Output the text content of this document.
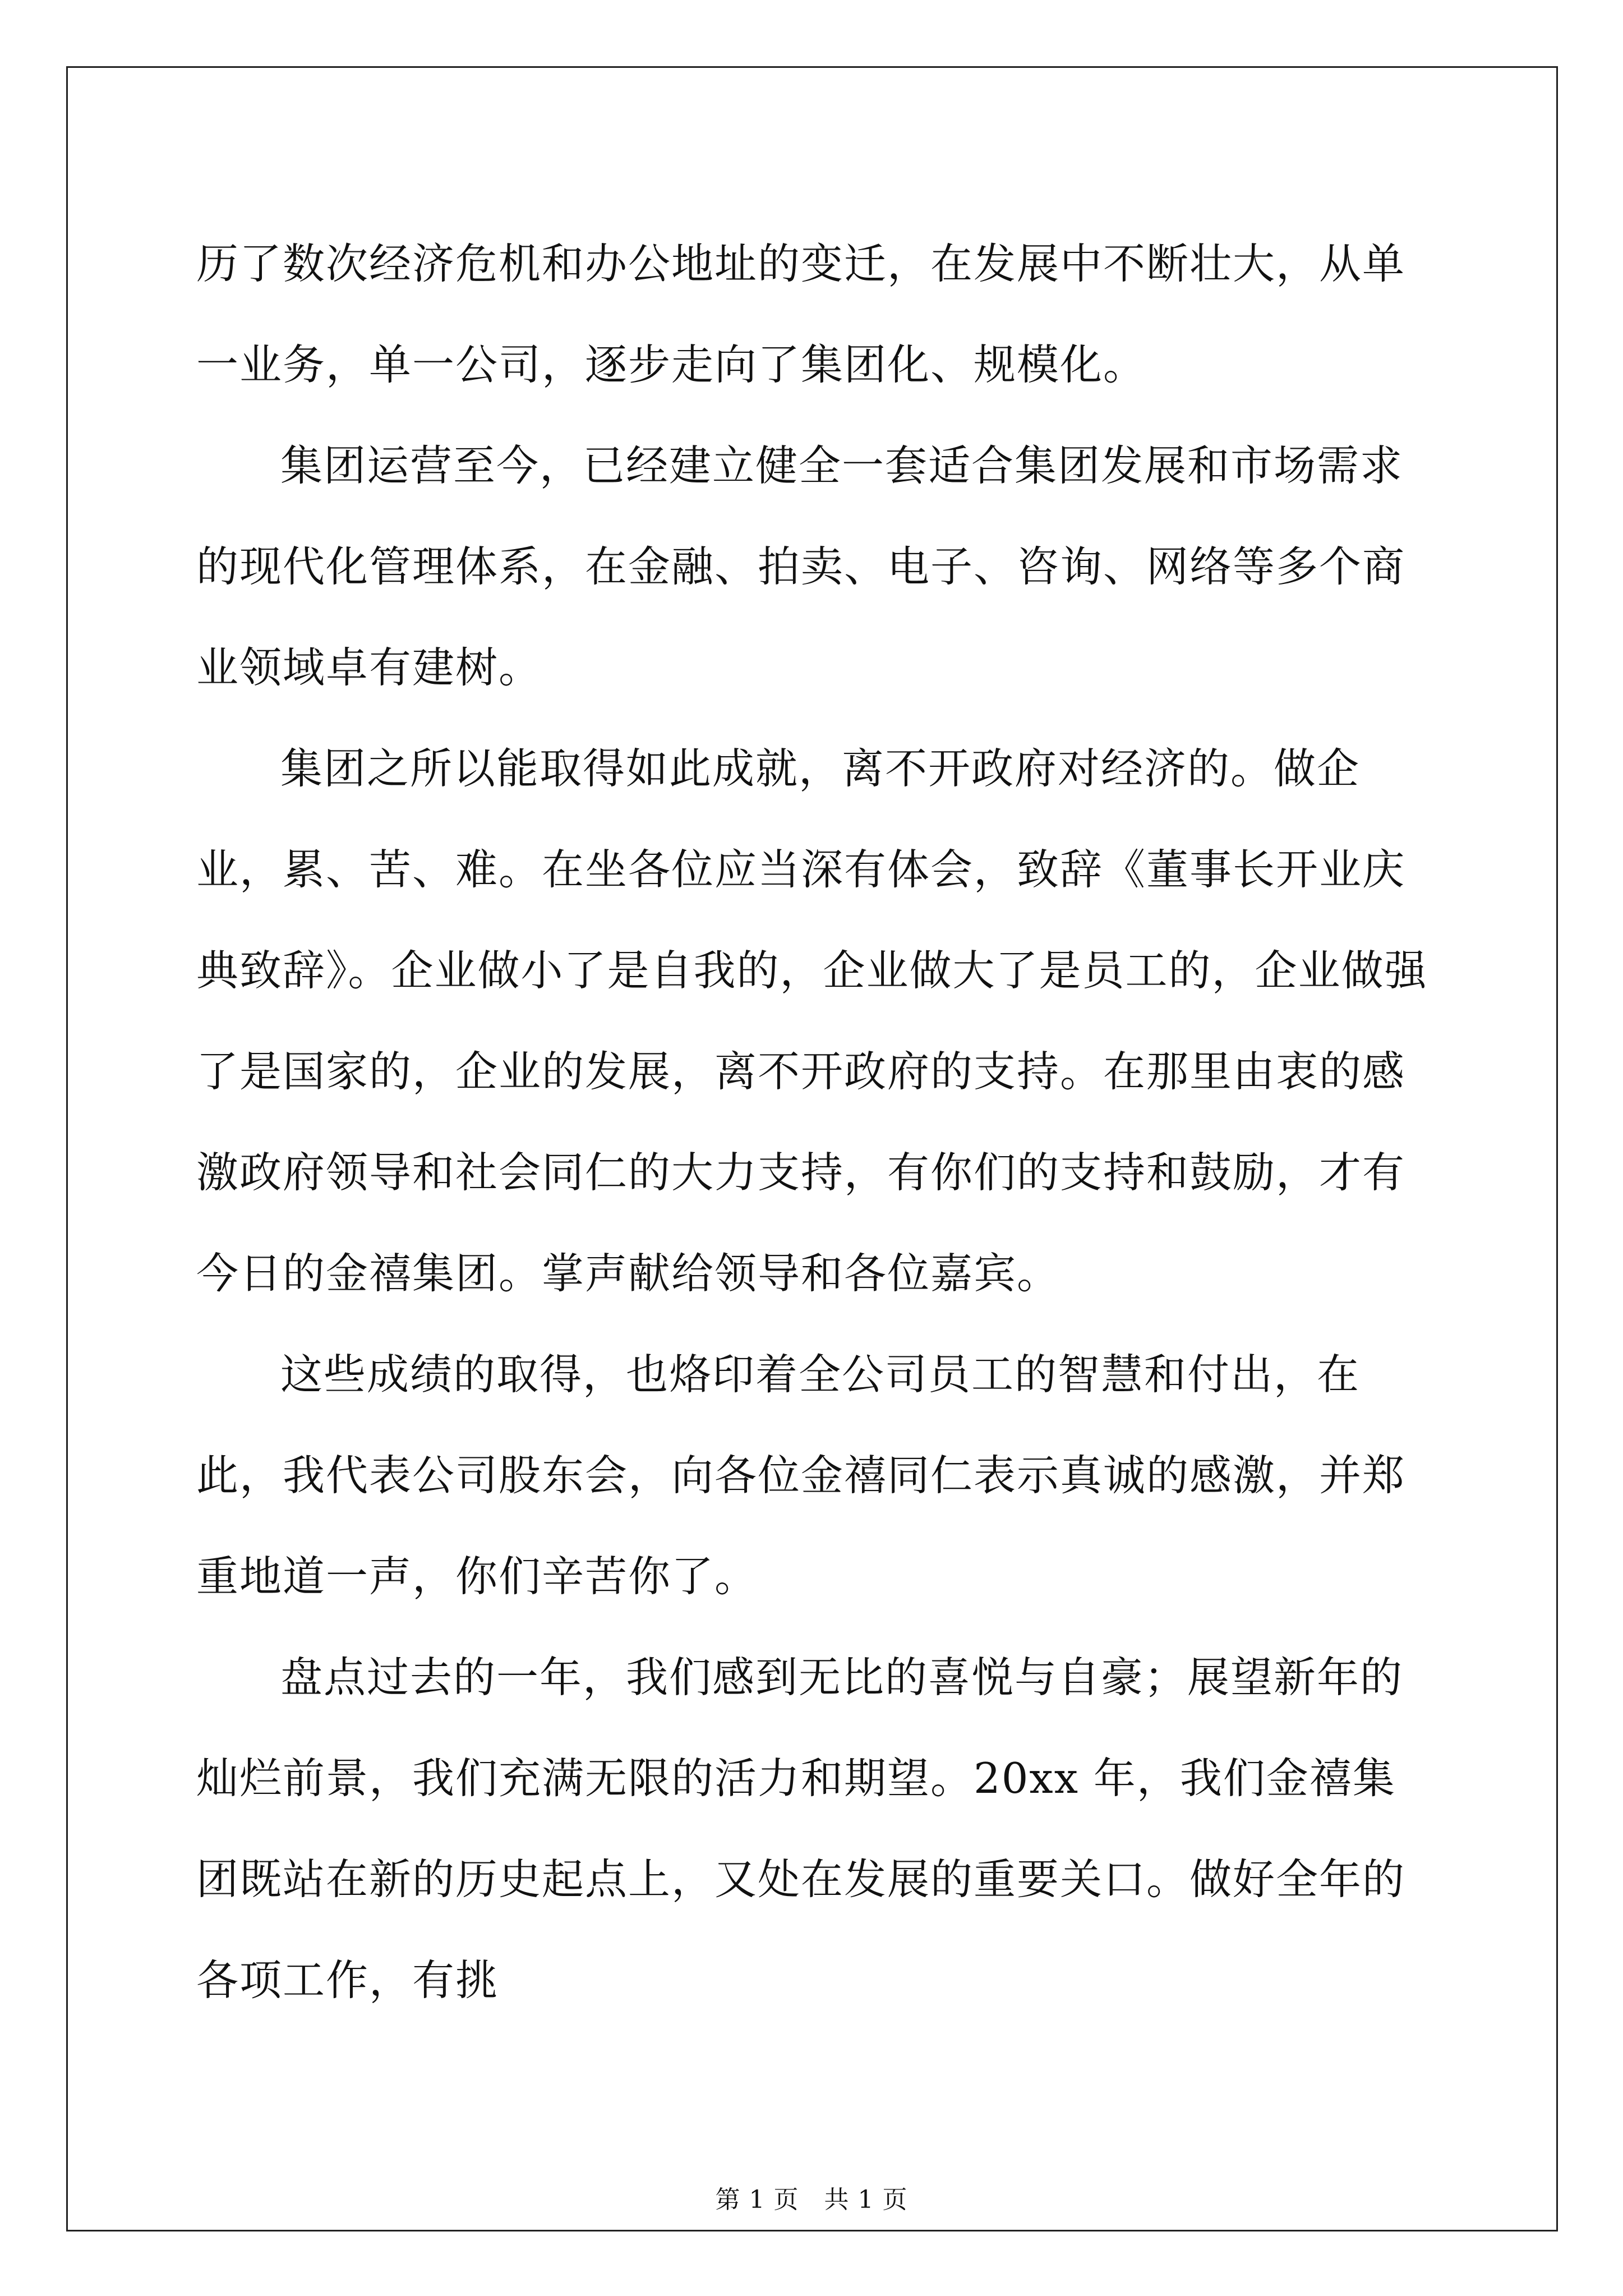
历了数次经济危机和办公地址的变迁，在发展中不断壮大，从单一业务，单一公司，逐步走向了集团化、规模化。

集团运营至今，已经建立健全一套适合集团发展和市场需求的现代化管理体系，在金融、拍卖、电子、咨询、网络等多个商业领域卓有建树。

集团之所以能取得如此成就，离不开政府对经济的。做企业，累、苦、难。在坐各位应当深有体会，致辞《董事长开业庆典致辞》。企业做小了是自我的，企业做大了是员工的，企业做强了是国家的，企业的发展，离不开政府的支持。在那里由衷的感激政府领导和社会同仁的大力支持，有你们的支持和鼓励，才有今日的金禧集团。掌声献给领导和各位嘉宾。

这些成绩的取得，也烙印着全公司员工的智慧和付出，在此，我代表公司股东会，向各位金禧同仁表示真诚的感激，并郑重地道一声，你们辛苦你了。

盘点过去的一年，我们感到无比的喜悦与自豪；展望新年的灿烂前景，我们充满无限的活力和期望。20xx 年，我们金禧集团既站在新的历史起点上，又处在发展的重要关口。做好全年的各项工作，有挑

第 1 页　共 1 页
